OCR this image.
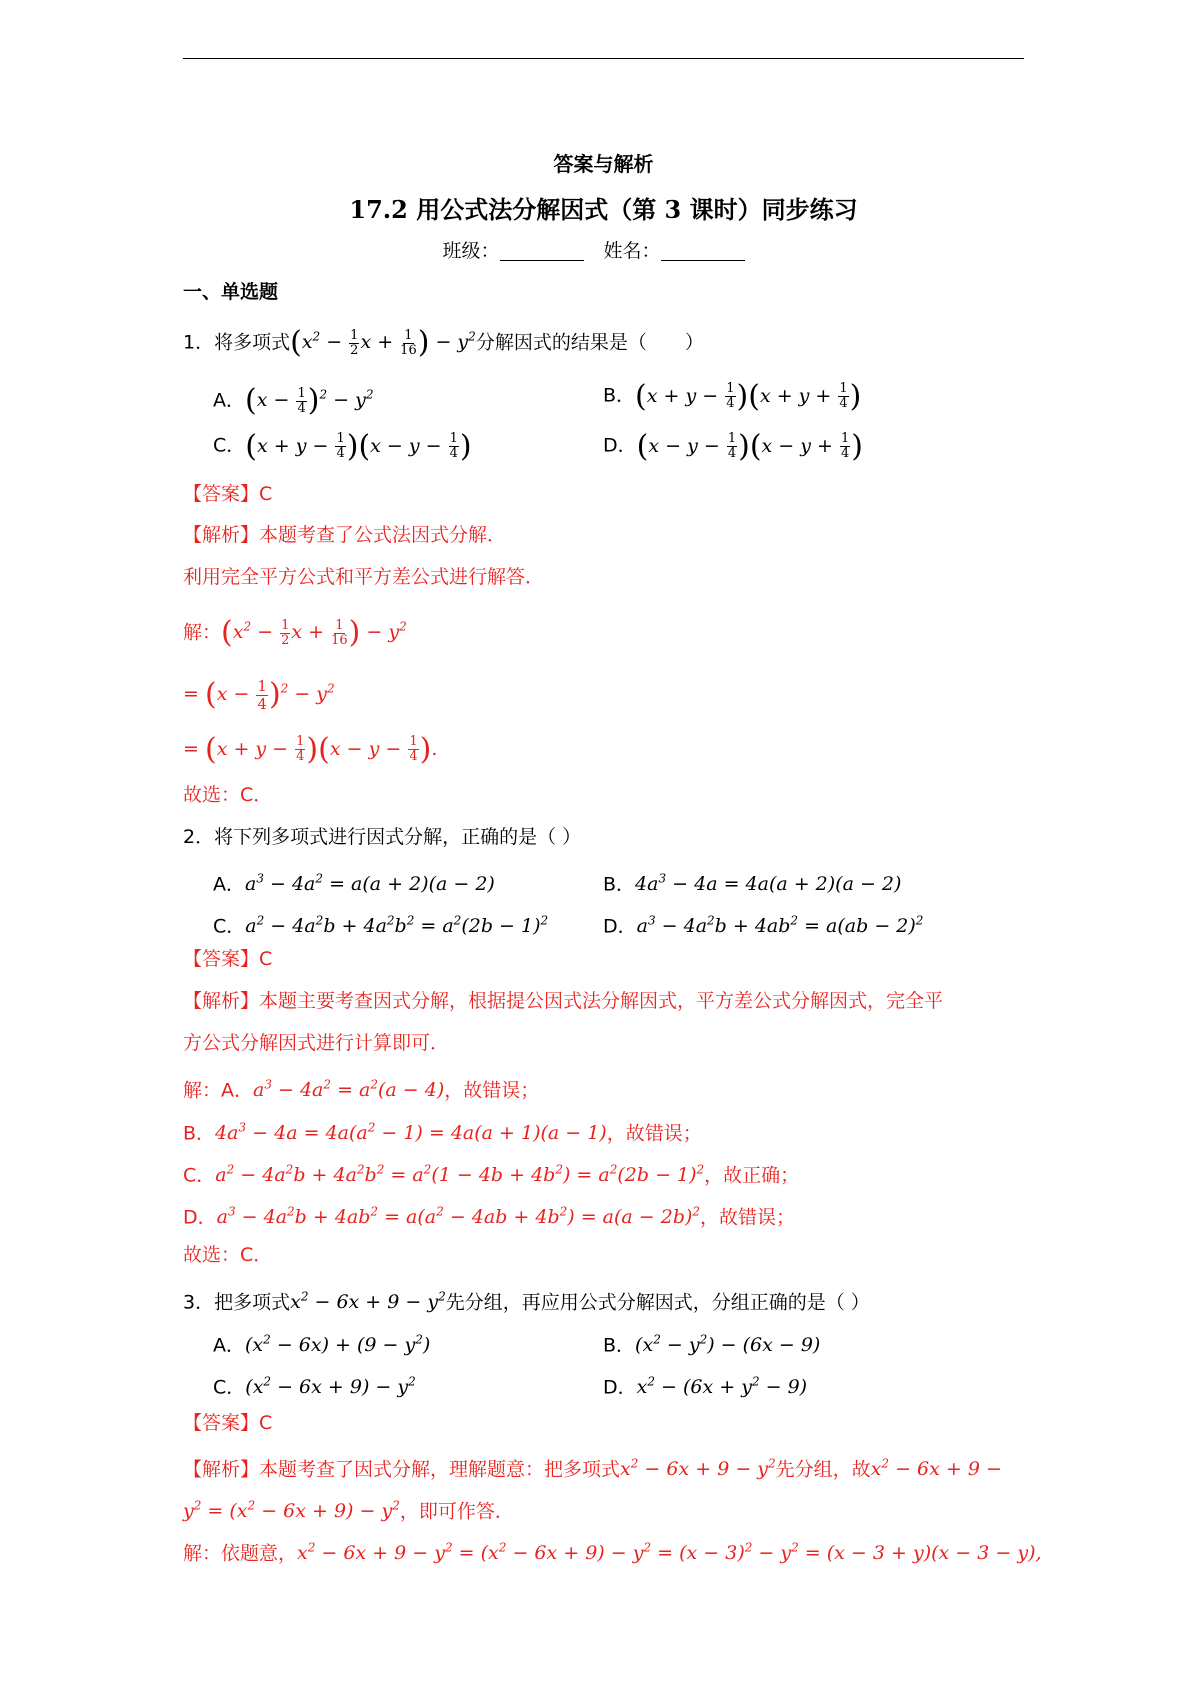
答案与解析
17.2 用公式法分解因式（第 3 课时）同步练习
班级：	姓名：
一、单选题
1．将多项式($x^2 - \frac{1}{2}$ $x + \frac{1}{16}$ ) − $y^2$分解因式的结果是（　　）
A．$(x - \frac{1}{4} )^2 - y^2$	B．$(x + y - \frac{1}{4} )(x + y + \frac{1}{4}$ )
C．$(x + y - \frac{1}{4} )(x - y - \frac{1}{4}$ )	D．$(x - y - \frac{1}{4} )(x - y + \frac{1}{4}$ )
【答案】C
【解析】本题考查了公式法因式分解．
利用完全平方公式和平方差公式进行解答．
解：($x^2 - \frac{1}{2}$ $x + \frac{1}{16}$ ) − $y^2$
= $(x - \frac{1}{4} )^2 - y^2$
= $(x + y - \frac{1}{4} )(x - y - \frac{1}{4}$ ).
故选：C．
2．将下列多项式进行因式分解，正确的是（ ）
A．$a^3 - 4a^2 = a(a + 2)(a - 2)$	B．$4a^3 - 4a = 4a(a + 2)(a - 2)$
C．$a^2 - 4a^2b + 4a^2b^2 = a^2(2b - 1)^2$	D．$a^3 - 4a^2b + 4ab^2 = a(ab - 2)^2$
【答案】C
【解析】本题主要考查因式分解，根据提公因式法分解因式，平方差公式分解因式，完全平
方公式分解因式进行计算即可．
解：A．$a^3 - 4a^2 = a^2(a - 4)$，故错误；
B．$4a^3 - 4a = 4a(a^2 - 1) = 4a(a + 1)(a - 1)$，故错误；
C．$a^2 - 4a^2b + 4a^2b^2 = a^2(1 - 4b + 4b^2) = a^2(2b - 1)^2$，故正确；
D．$a^3 - 4a^2b + 4ab^2 = a(a^2 - 4ab + 4b^2) = a(a - 2b)^2$，故错误；
故选：C．
3．把多项式$x^2 - 6x + 9 - y^2$先分组，再应用公式分解因式，分组正确的是（ ）
A．$(x^2 - 6x) + (9 - y^2)$	B．$(x^2 - y^2) - (6x - 9)$
C．$(x^2 - 6x + 9) - y^2$	D．$x^2 - (6x + y^2 - 9)$
【答案】C
【解析】本题考查了因式分解，理解题意：把多项式$x^2 - 6x + 9 - y^2$先分组，故$x^2 - 6x + 9$ −
$y^2 = (x^2 - 6x + 9) - y^2$，即可作答．
解：依题意，$x^2 - 6x + 9 - y^2 = (x^2 - 6x + 9) - y^2 = (x - 3)^2 - y^2 = (x - 3 + y)(x - 3 - y)$,
